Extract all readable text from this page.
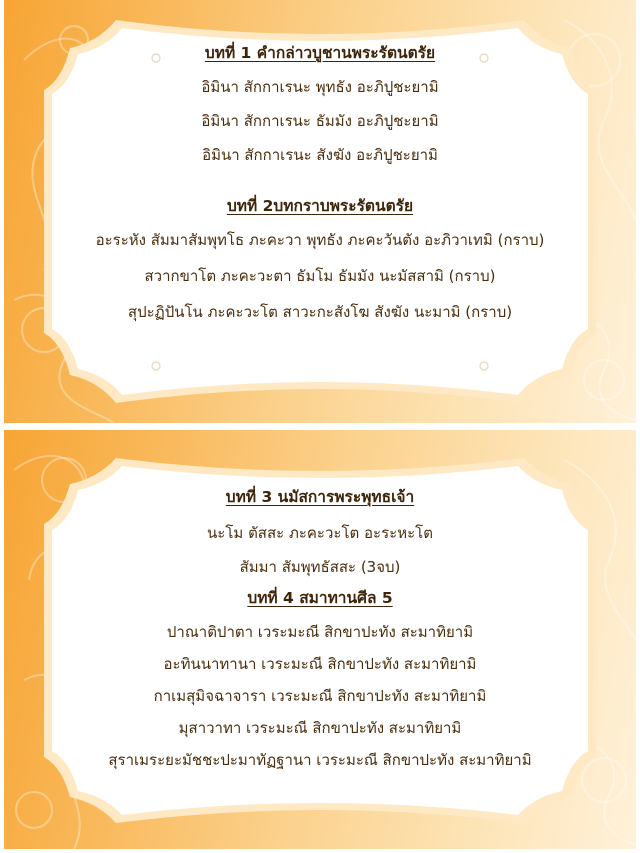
บทที่ 1 คำกล่าวบูชานพระรัตนตรัย
อิมินา สักกาเรนะ พุทธัง อะภิปูชะยามิ
อิมินา สักกาเรนะ ธัมมัง อะภิปูชะยามิ
อิมินา สักกาเรนะ สังฆัง อะภิปูชะยามิ
บทที่ 2บทกราบพระรัตนตรัย
อะระหัง สัมมาสัมพุทโธ ภะคะวา พุทธัง ภะคะวันตัง อะภิวาเทมิ (กราบ)
สวากขาโต ภะคะวะตา ธัมโม ธัมมัง นะมัสสามิ (กราบ)
สุปะฏิปันโน ภะคะวะโต สาวะกะสังโฆ สังฆัง นะมามิ (กราบ)
บทที่ 3 นมัสการพระพุทธเจ้า
นะโม ตัสสะ ภะคะวะโต อะระหะโต
สัมมา สัมพุทธัสสะ (3จบ)
บทที่ 4 สมาทานศีล 5
ปาณาติปาตา เวระมะณี สิกขาปะทัง สะมาทิยามิ
อะทินนาทานา เวระมะณี สิกขาปะทัง สะมาทิยามิ
กาเมสุมิจฉาจารา เวระมะณี สิกขาปะทัง สะมาทิยามิ
มุสาวาทา เวระมะณี สิกขาปะทัง สะมาทิยามิ
สุราเมระยะมัชชะปะมาทัฏฐานา เวระมะณี สิกขาปะทัง สะมาทิยามิ
